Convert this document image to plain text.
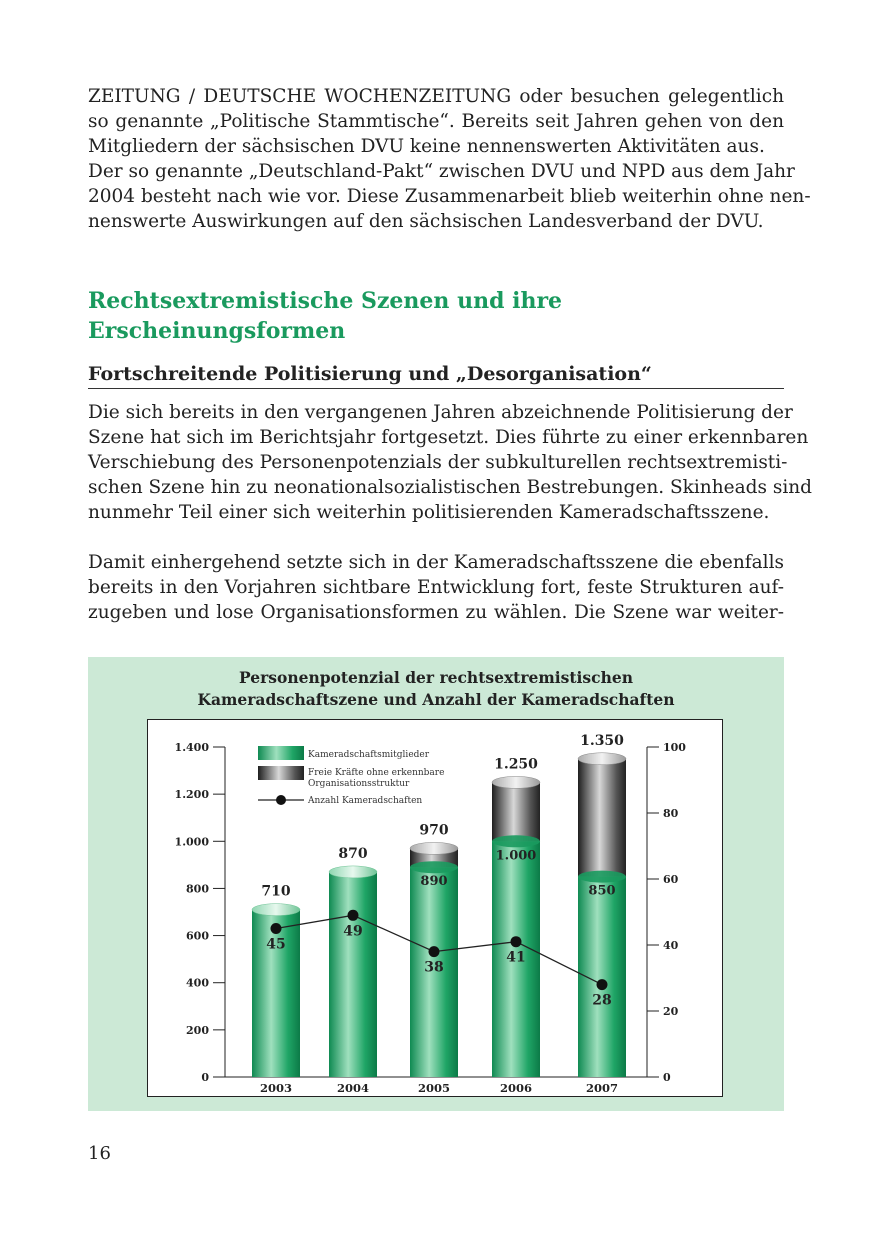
ZEITUNG / DEUTSCHE WOCHENZEITUNG oder besuchen gelegentlich
so genannte „Politische Stammtische“. Bereits seit Jahren gehen von den
Mitgliedern der sächsischen DVU keine nennenswerten Aktivitäten aus.
Der so genannte „Deutschland-Pakt“ zwischen DVU und NPD aus dem Jahr
2004 besteht nach wie vor. Diese Zusammenarbeit blieb weiterhin ohne nen-
nenswerte Auswirkungen auf den sächsischen Landesverband der DVU.
Rechtsextremistische Szenen und ihre
Erscheinungsformen
Fortschreitende Politisierung und „Desorganisation“
Die sich bereits in den vergangenen Jahren abzeichnende Politisierung der
Szene hat sich im Berichtsjahr fortgesetzt. Dies führte zu einer erkennbaren
Verschiebung des Personenpotenzials der subkulturellen rechtsextremisti-
schen Szene hin zu neonationalsozialistischen Bestrebungen. Skinheads sind
nunmehr Teil einer sich weiterhin politisierenden Kameradschaftsszene.
Damit einhergehend setzte sich in der Kameradschaftsszene die ebenfalls
bereits in den Vorjahren sichtbare Entwicklung fort, feste Strukturen auf-
zugeben und lose Organisationsformen zu wählen. Die Szene war weiter-
Personenpotenzial der rechtsextremistischen
Kameradschaftszene und Anzahl der Kameradschaften
0
200
400
600
800
1.000
1.200
1.400
0
20
40
60
80
100
710
2003
870
2004
970
890
2005
1.250
1.000
2006
1.350
850
2007
45
49
38
41
28
Kameradschaftsmitglieder
Freie Kräfte ohne erkennbare
Organisationsstruktur
Anzahl Kameradschaften
16
